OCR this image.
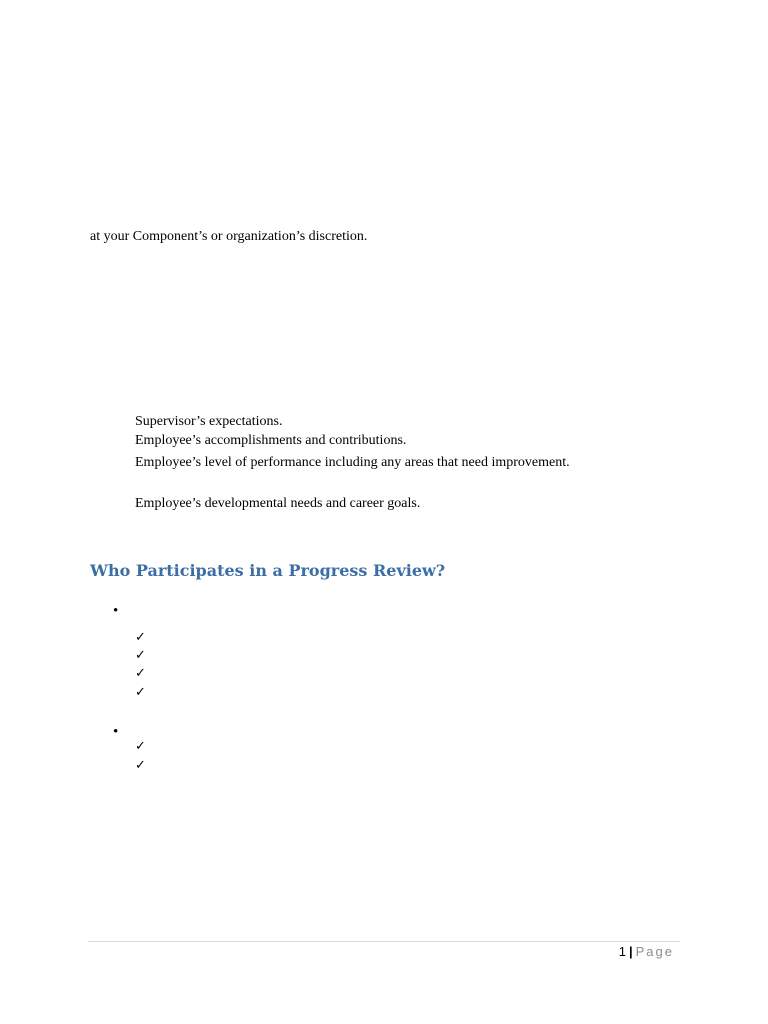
at your Component’s or organization’s discretion.
Supervisor’s expectations.
Employee’s accomplishments and contributions.
Employee’s level of performance including any areas that need improvement.
Employee’s developmental needs and career goals.
Who Participates in a Progress Review?
•
✓
✓
✓
✓
•
✓
✓
1 | Page
